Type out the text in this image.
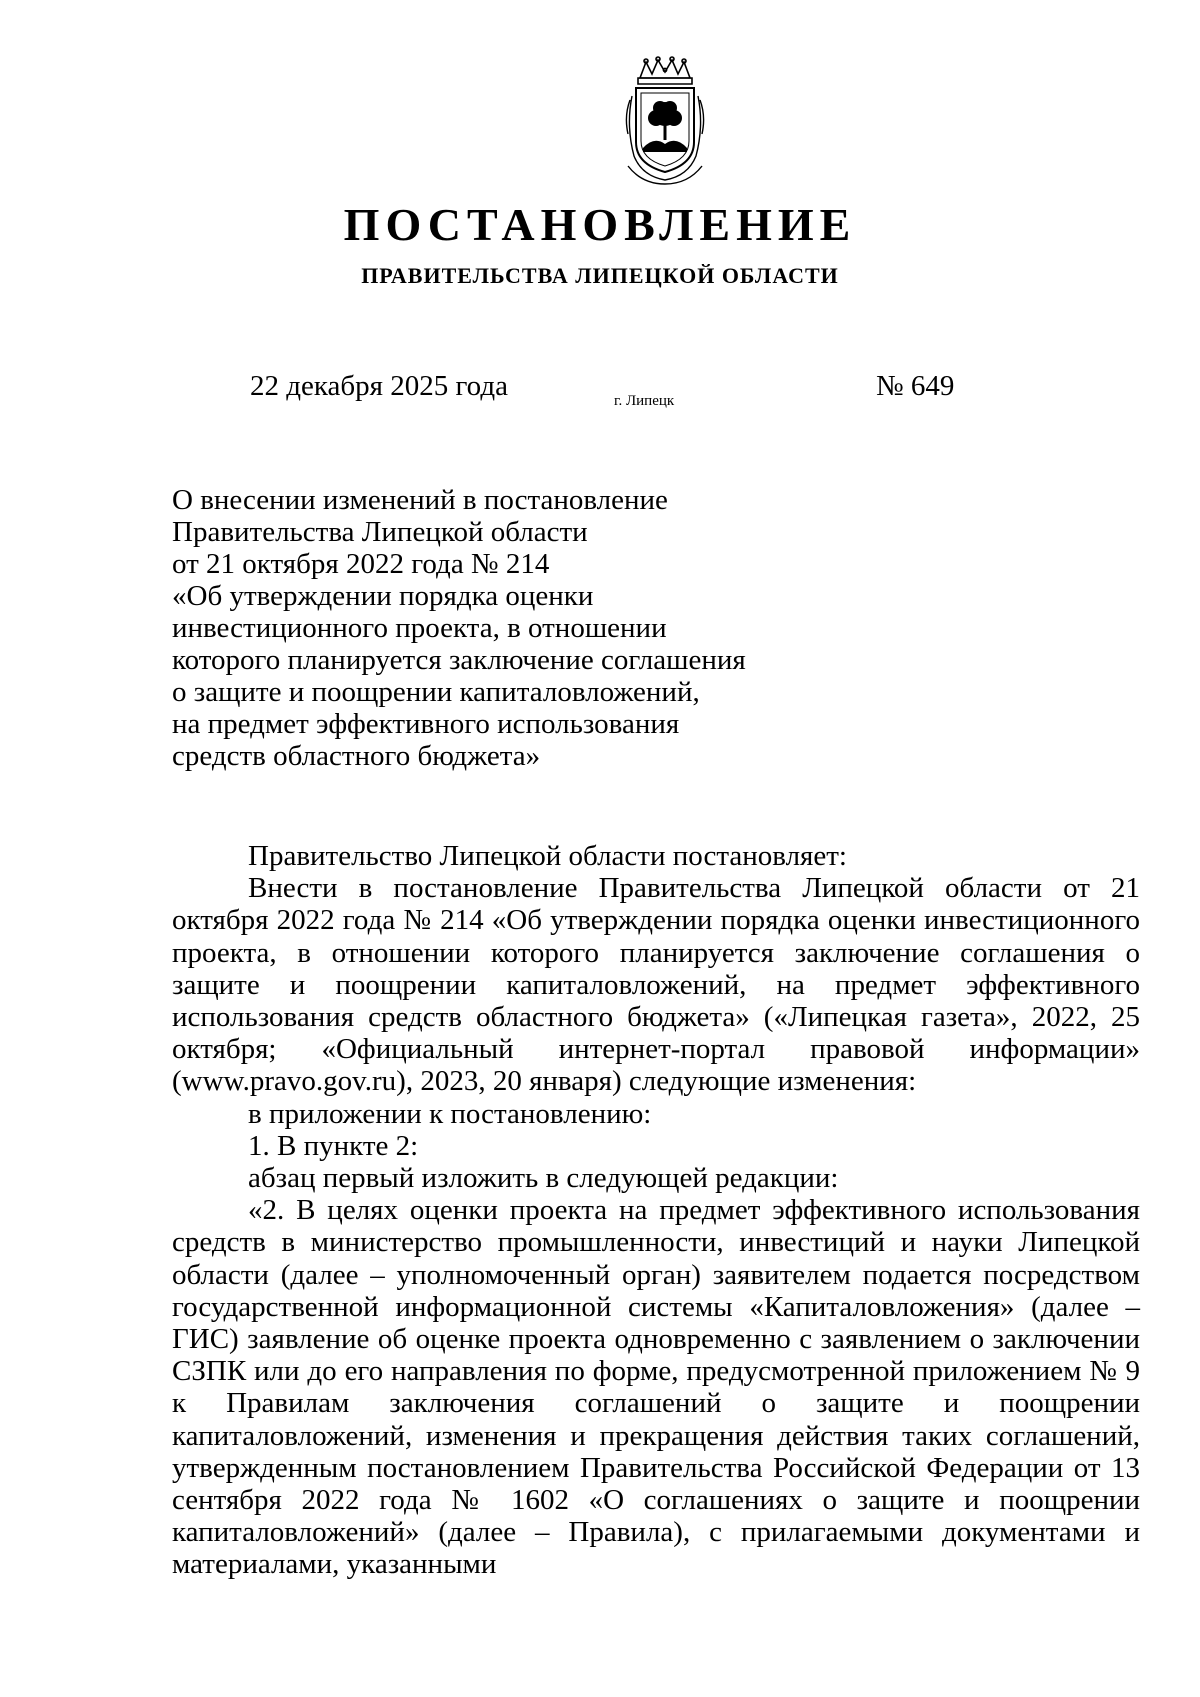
ПОСТАНОВЛЕНИЕ
ПРАВИТЕЛЬСТВА ЛИПЕЦКОЙ ОБЛАСТИ
22 декабря 2025 года	г. Липецк	№ 649
О внесении изменений в постановление
Правительства Липецкой области
от 21 октября 2022 года № 214
«Об утверждении порядка оценки
инвестиционного проекта, в отношении
которого планируется заключение соглашения
о защите и поощрении капиталовложений,
на предмет эффективного использования
средств областного бюджета»

Правительство Липецкой области постановляет:

Внести в постановление Правительства Липецкой области от 21 октября 2022 года № 214 «Об утверждении порядка оценки инвестиционного проекта, в отношении которого планируется заключение соглашения о защите и поощрении капиталовложений, на предмет эффективного использования средств областного бюджета» («Липецкая газета», 2022, 25 октября; «Официальный интернет-портал правовой информации» (www.pravo.gov.ru), 2023, 20 января) следующие изменения:

в приложении к постановлению:

1. В пункте 2:

абзац первый изложить в следующей редакции:

«2. В целях оценки проекта на предмет эффективного использования средств в министерство промышленности, инвестиций и науки Липецкой области (далее – уполномоченный орган) заявителем подается посредством государственной информационной системы «Капиталовложения» (далее – ГИС) заявление об оценке проекта одновременно с заявлением о заключении СЗПК или до его направления по форме, предусмотренной приложением № 9 к Правилам заключения соглашений о защите и поощрении капиталовложений, изменения и прекращения действия таких соглашений, утвержденным постановлением Правительства Российской Федерации от 13 сентября 2022 года № 1602 «О соглашениях о защите и поощрении капиталовложений» (далее – Правила), с прилагаемыми документами и материалами, указанными
